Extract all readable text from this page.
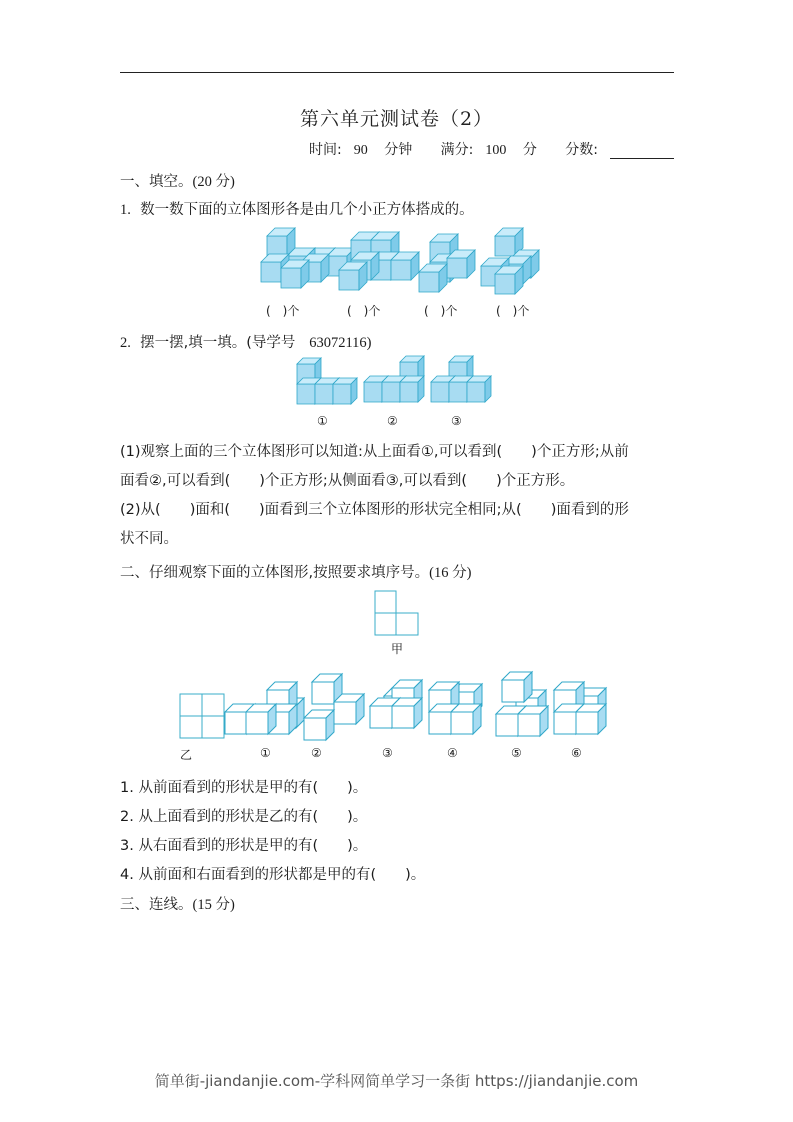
第六单元测试卷（2）
时间: 90 分钟 满分: 100 分 分数:
一、填空。(20 分)
1. 数一数下面的立体图形各是由几个小正方体搭成的。
(　)个	(　)个	(　)个	(　)个
2. 摆一摆,填一填。(导学号 63072116)
①	②	③
(1)观察上面的三个立体图形可以知道:从上面看①,可以看到(　　)个正方形;从前
面看②,可以看到(　　)个正方形;从侧面看③,可以看到(　　)个正方形。
(2)从(　　)面和(　　)面看到三个立体图形的形状完全相同;从(　　)面看到的形
状不同。
二、仔细观察下面的立体图形,按照要求填序号。(16 分)
甲
乙	①	②	③	④	⑤	⑥
1. 从前面看到的形状是甲的有(　　)。
2. 从上面看到的形状是乙的有(　　)。
3. 从右面看到的形状是甲的有(　　)。
4. 从前面和右面看到的形状都是甲的有(　　)。
三、连线。(15 分)
简单街-jiandanjie.com-学科网简单学习一条街 https://jiandanjie.com
